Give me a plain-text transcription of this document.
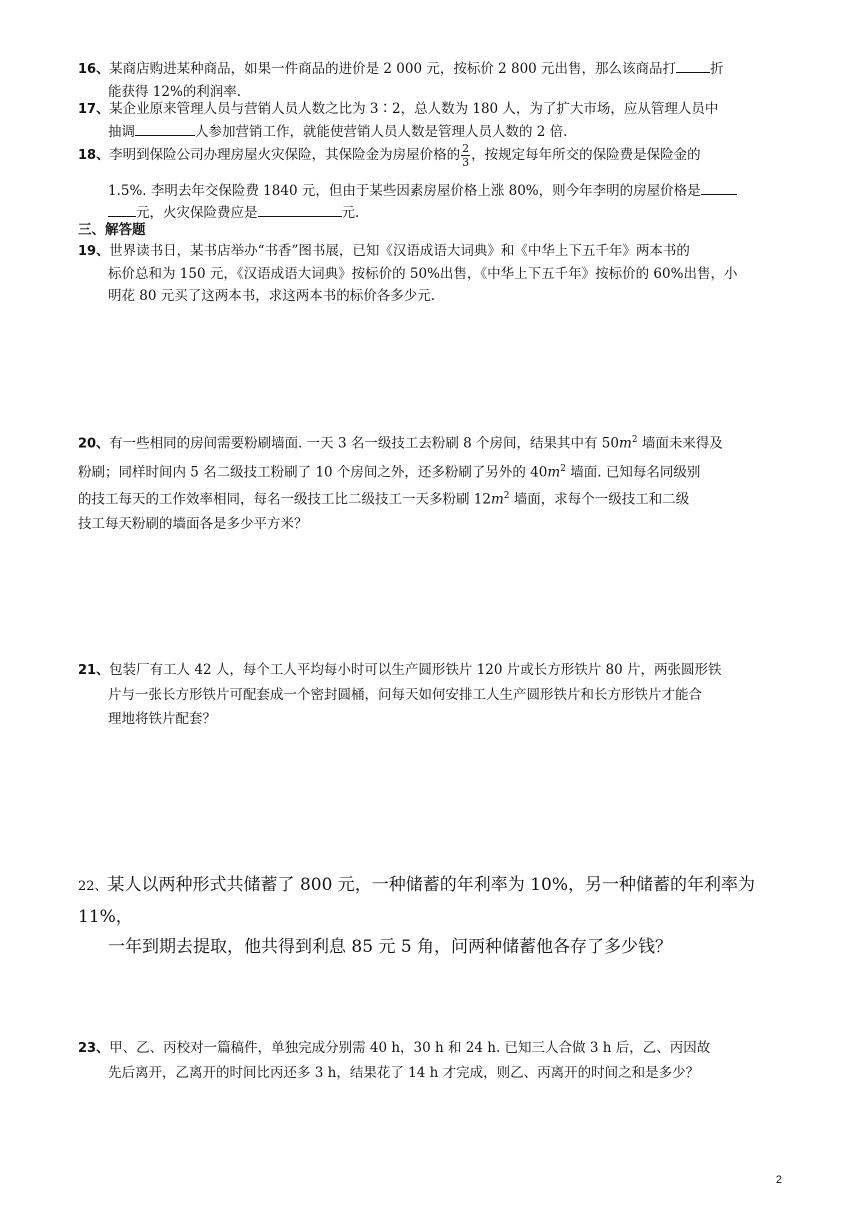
16、某商店购进某种商品，如果一件商品的进价是 2 000 元，按标价 2 800 元出售，那么该商品打	折
能获得 12%的利润率.
17、某企业原来管理人员与营销人员人数之比为 3∶2，总人数为 180 人，为了扩大市场，应从管理人员中
抽调	人参加营销工作，就能使营销人员人数是管理人员人数的 2 倍.
18、李明到保险公司办理房屋火灾保险，其保险金为房屋价格的 $\frac{2}{3}$ ，按规定每年所交的保险费是保险金的
1.5%. 李明去年交保险费 1840 元，但由于某些因素房屋价格上涨 80%，则今年李明的房屋价格是
元，火灾保险费应是	元.
三、解答题
19、世界读书日，某书店举办“书香”图书展，已知《汉语成语大词典》和《中华上下五千年》两本书的
标价总和为 150 元，《汉语成语大词典》按标价的 50%出售，《中华上下五千年》按标价的 60%出售，小
明花 80 元买了这两本书，求这两本书的标价各多少元.
20、有一些相同的房间需要粉刷墙面. 一天 3 名一级技工去粉刷 8 个房间，结果其中有 $50m^2$ 墙面未来得及
粉刷；同样时间内 5 名二级技工粉刷了 10 个房间之外，还多粉刷了另外的 $40m^2$ 墙面. 已知每名同级别
的技工每天的工作效率相同，每名一级技工比二级技工一天多粉刷 $12m^2$ 墙面，求每个一级技工和二级
技工每天粉刷的墙面各是多少平方米？
21、包装厂有工人 42 人，每个工人平均每小时可以生产圆形铁片 120 片或长方形铁片 80 片，两张圆形铁
片与一张长方形铁片可配套成一个密封圆桶，问每天如何安排工人生产圆形铁片和长方形铁片才能合
理地将铁片配套？
22、某人以两种形式共储蓄了 800 元，一种储蓄的年利率为 10%，另一种储蓄的年利率为 11%，
一年到期去提取，他共得到利息 85 元 5 角，问两种储蓄他各存了多少钱？
23、甲、乙、丙校对一篇稿件，单独完成分别需 40 h，30 h 和 24 h. 已知三人合做 3 h 后，乙、丙因故
先后离开，乙离开的时间比丙还多 3 h，结果花了 14 h 才完成，则乙、丙离开的时间之和是多少？
2
